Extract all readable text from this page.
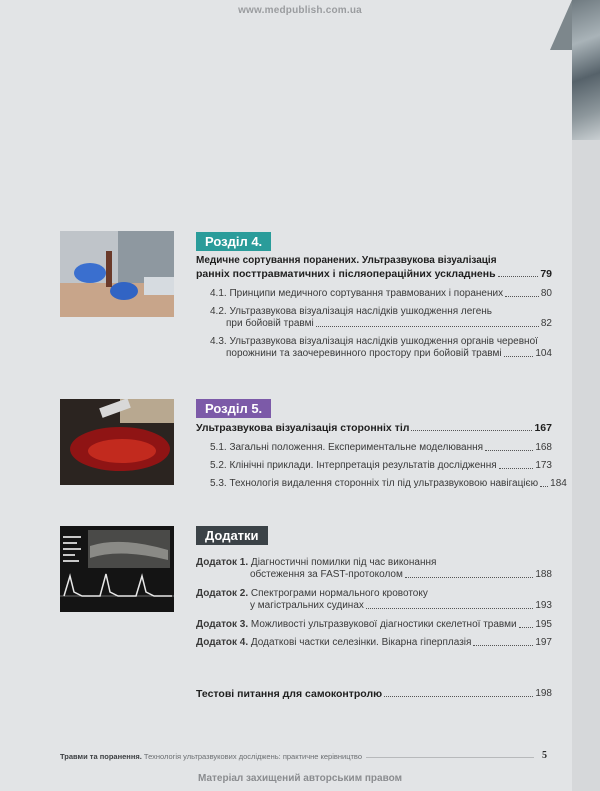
www.medpublish.com.ua
Розділ 4.
Медичне сортування поранених. Ультразвукова візуалізація
ранніх посттравматичних і післяопераційних ускладнень	79
4.1. Принципи медичного сортування травмованих і поранених	80
4.2. Ультразвукова візуалізація наслідків ушкодження легень
при бойовій травмі	82
4.3. Ультразвукова візуалізація наслідків ушкодження органів черевної
порожнини та заочеревинного простору при бойовій травмі	104
Розділ 5.
Ультразвукова візуалізація сторонніх тіл	167
5.1. Загальні положення. Експериментальне моделювання	168
5.2. Клінічні приклади. Інтерпретація результатів дослідження	173
5.3. Технологія видалення сторонніх тіл під ультразвуковою навігацією 184
Додатки
Додаток 1. Діагностичні помилки під час виконання
обстеження за FAST-протоколом	188
Додаток 2. Спектрограми нормального кровотоку
у магістральних судинах	193
Додаток 3. Можливості ультразвукової діагностики скелетної травми 195
Додаток 4. Додаткові частки селезінки. Вікарна гіперплазія	197
Тестові питання для самоконтролю	198
Травми та поранення. Технологія ультразвукових досліджень: практичне керівництво	5
Матеріал захищений авторським правом
